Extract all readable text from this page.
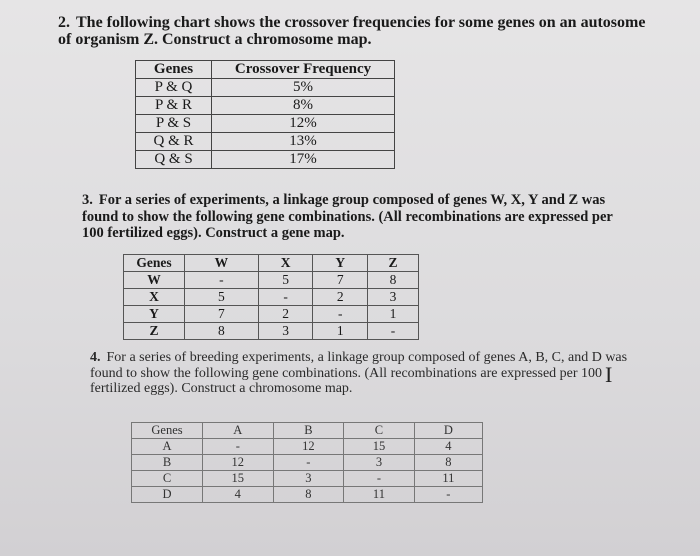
2. The following chart shows the crossover frequencies for some genes on an autosome of organism Z. Construct a chromosome map.
Genes	Crossover Frequency
P & Q	5%
P & R	8%
P & S	12%
Q & R	13%
Q & S	17%
3. For a series of experiments, a linkage group composed of genes W, X, Y and Z was found to show the following gene combinations. (All recombinations are expressed per 100 fertilized eggs). Construct a gene map.
Genes	W	X	Y	Z
W	-	5	7	8
X	5	-	2	3
Y	7	2	-	1
Z	8	3	1	-
4. For a series of breeding experiments, a linkage group composed of genes A, B, C, and D was found to show the following gene combinations. (All recombinations are expressed per 100 fertilized eggs). Construct a chromosome map.
I
Genes	A	B	C	D
A	-	12	15	4
B	12	-	3	8
C	15	3	-	11
D	4	8	11	-
